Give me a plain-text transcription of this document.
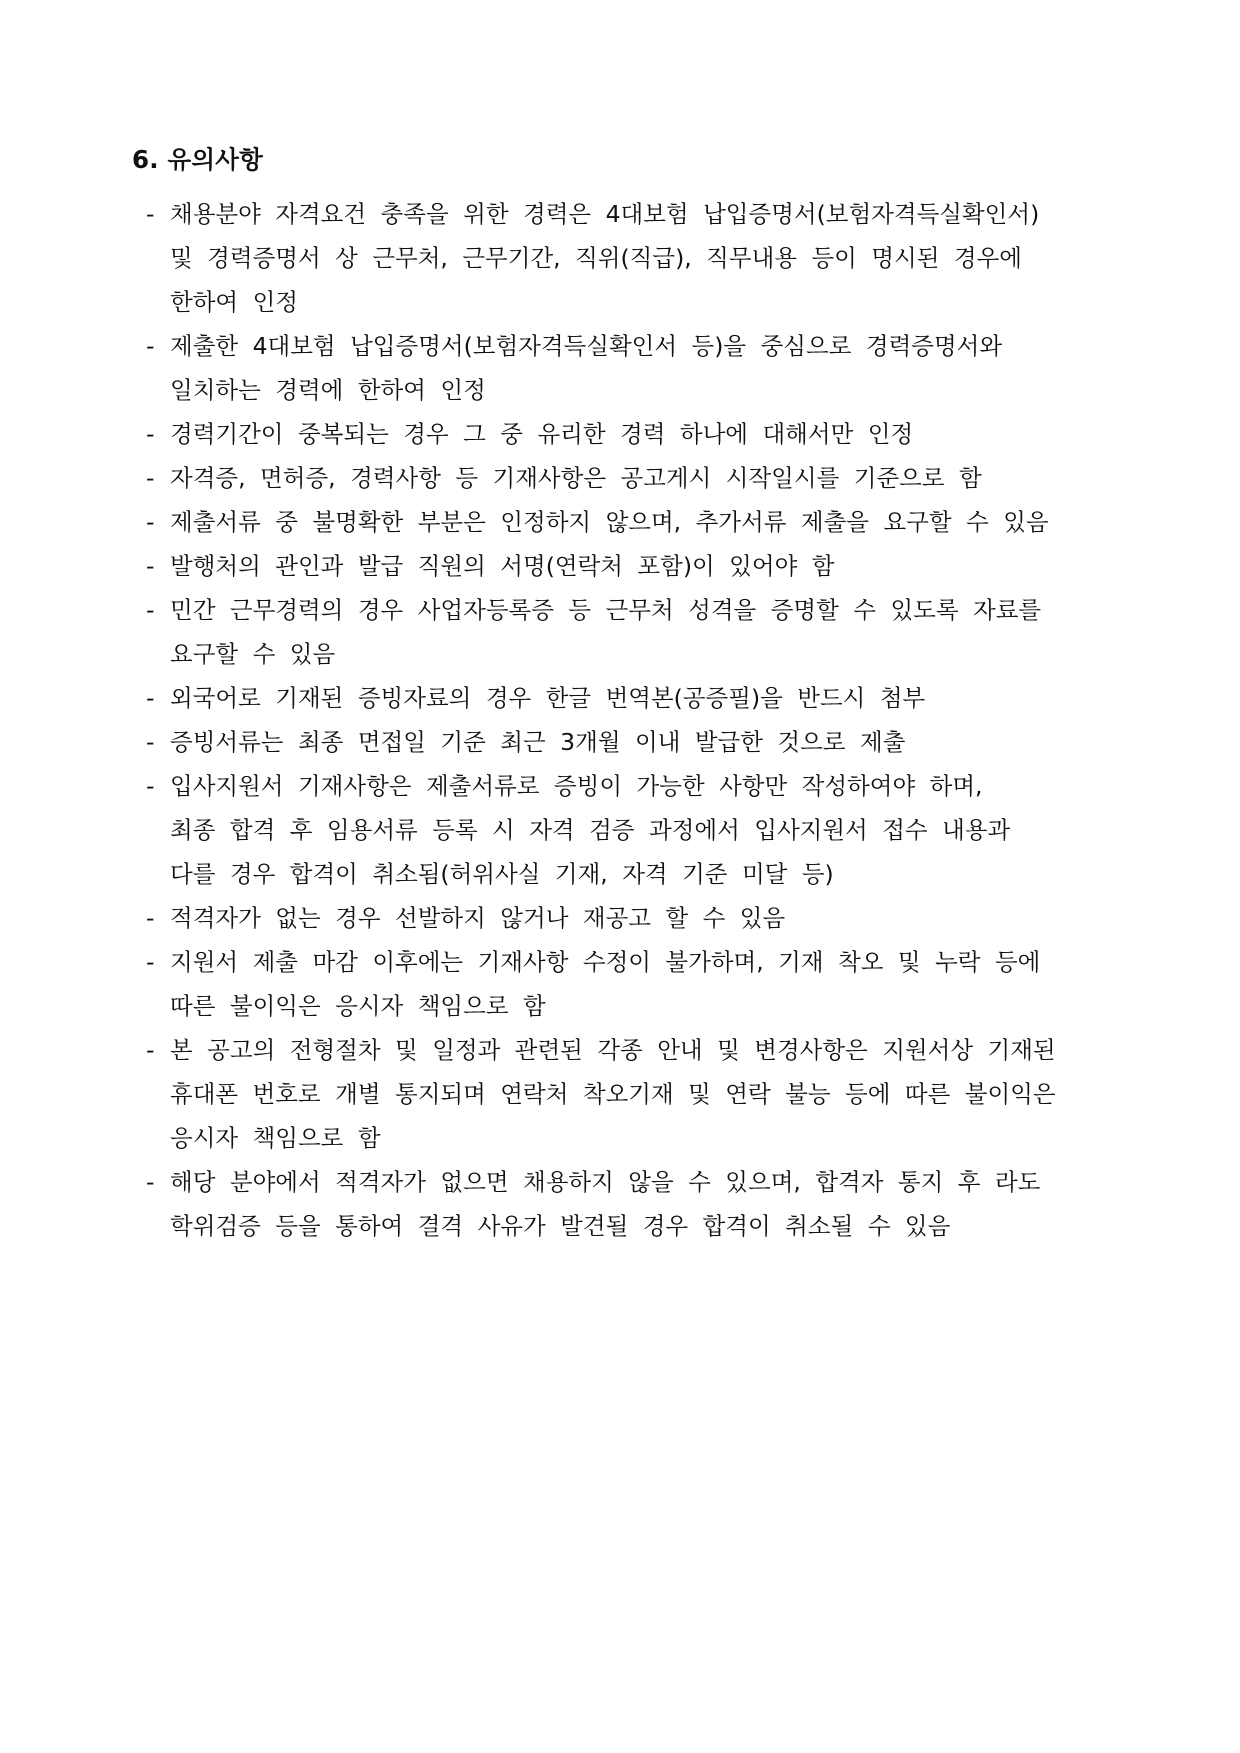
6. 유의사항
- 채용분야 자격요건 충족을 위한 경력은 4대보험 납입증명서(보험자격득실확인서)
및 경력증명서 상 근무처, 근무기간, 직위(직급), 직무내용 등이 명시된 경우에
한하여 인정
- 제출한 4대보험 납입증명서(보험자격득실확인서 등)을 중심으로 경력증명서와
일치하는 경력에 한하여 인정
- 경력기간이 중복되는 경우 그 중 유리한 경력 하나에 대해서만 인정
- 자격증, 면허증, 경력사항 등 기재사항은 공고게시 시작일시를 기준으로 함
- 제출서류 중 불명확한 부분은 인정하지 않으며, 추가서류 제출을 요구할 수 있음
- 발행처의 관인과 발급 직원의 서명(연락처 포함)이 있어야 함
- 민간 근무경력의 경우 사업자등록증 등 근무처 성격을 증명할 수 있도록 자료를
요구할 수 있음
- 외국어로 기재된 증빙자료의 경우 한글 번역본(공증필)을 반드시 첨부
- 증빙서류는 최종 면접일 기준 최근 3개월 이내 발급한 것으로 제출
- 입사지원서 기재사항은 제출서류로 증빙이 가능한 사항만 작성하여야 하며,
최종 합격 후 임용서류 등록 시 자격 검증 과정에서 입사지원서 접수 내용과
다를 경우 합격이 취소됨(허위사실 기재, 자격 기준 미달 등)
- 적격자가 없는 경우 선발하지 않거나 재공고 할 수 있음
- 지원서 제출 마감 이후에는 기재사항 수정이 불가하며, 기재 착오 및 누락 등에
따른 불이익은 응시자 책임으로 함
- 본 공고의 전형절차 및 일정과 관련된 각종 안내 및 변경사항은 지원서상 기재된
휴대폰 번호로 개별 통지되며 연락처 착오기재 및 연락 불능 등에 따른 불이익은
응시자 책임으로 함
- 해당 분야에서 적격자가 없으면 채용하지 않을 수 있으며, 합격자 통지 후 라도
학위검증 등을 통하여 결격 사유가 발견될 경우 합격이 취소될 수 있음
